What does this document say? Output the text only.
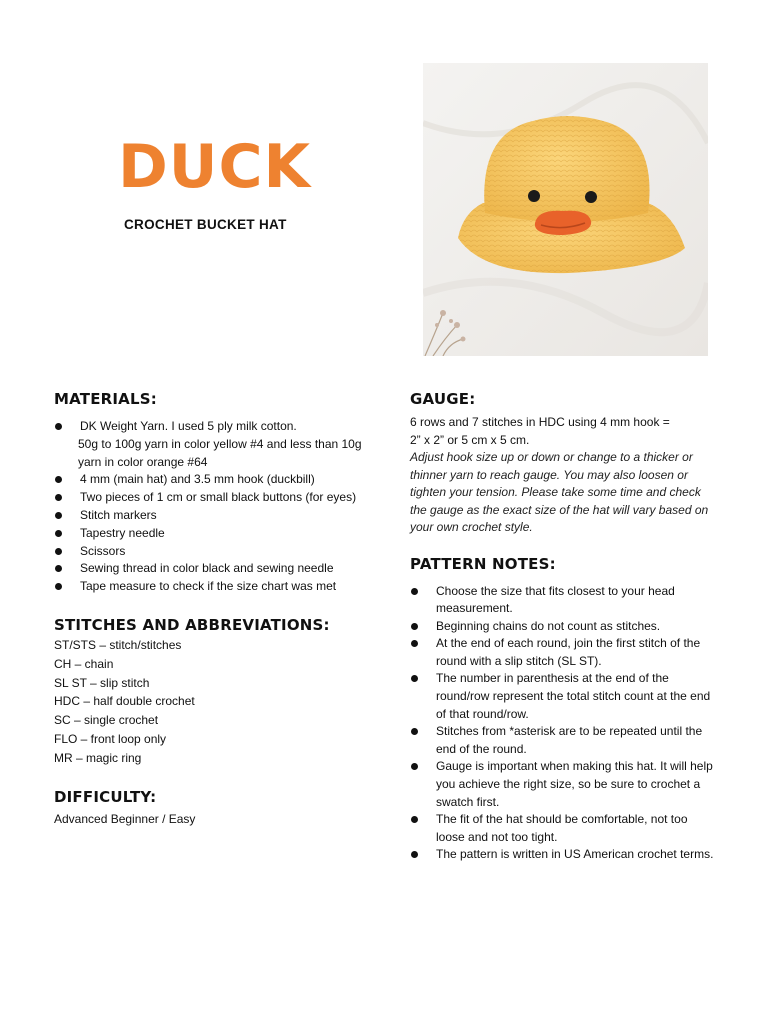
DUCK
CROCHET BUCKET HAT
MATERIALS:
DK Weight Yarn. I used 5 ply milk cotton.
50g to 100g yarn in color yellow #4 and less than 10g
yarn in color orange #64
4 mm (main hat) and 3.5 mm hook (duckbill)
Two pieces of 1 cm or small black buttons (for eyes)
Stitch markers
Tapestry needle
Scissors
Sewing thread in color black and sewing needle
Tape measure to check if the size chart was met
STITCHES AND ABBREVIATIONS:

ST/STS – stitch/stitches

CH – chain

SL ST – slip stitch

HDC – half double crochet

SC – single crochet

FLO – front loop only

MR – magic ring

DIFFICULTY:

Advanced Beginner / Easy

GAUGE:

6 rows and 7 stitches in HDC using 4 mm hook =

2” x 2” or 5 cm x 5 cm.

Adjust hook size up or down or change to a thicker or thinner yarn to reach gauge. You may also loosen or tighten your tension. Please take some time and check the gauge as the exact size of the hat will vary based on your own crochet style.

PATTERN NOTES:
Choose the size that fits closest to your head measurement.
Beginning chains do not count as stitches.
At the end of each round, join the first stitch of the round with a slip stitch (SL ST).
The number in parenthesis at the end of the round/row represent the total stitch count at the end of that round/row.
Stitches from *asterisk are to be repeated until the end of the round.
Gauge is important when making this hat. It will help you achieve the right size, so be sure to crochet a swatch first.
The fit of the hat should be comfortable, not too loose and not too tight.
The pattern is written in US American crochet terms.
